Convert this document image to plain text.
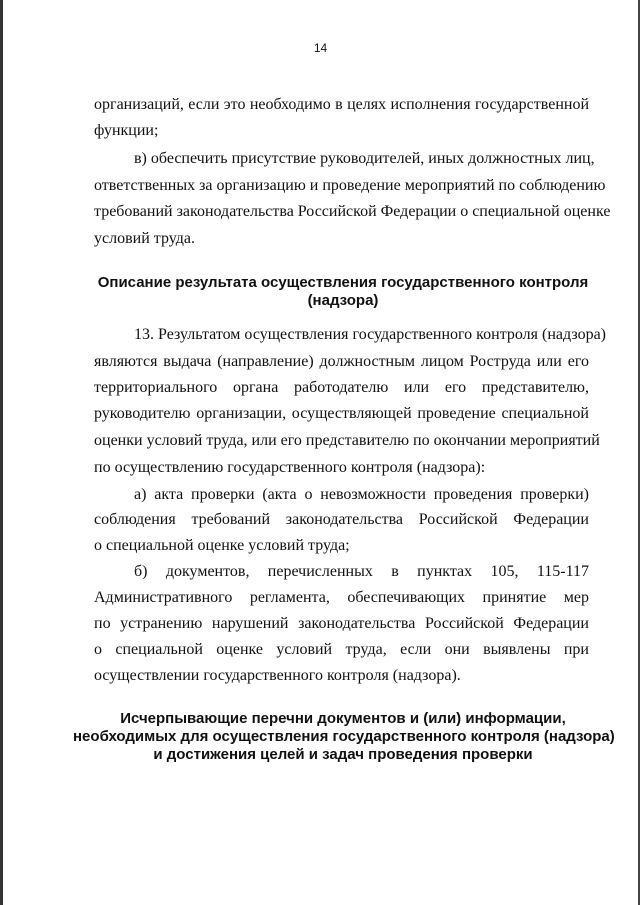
14
организаций, если это необходимо в целях исполнения государственной
функции;
в) обеспечить присутствие руководителей, иных должностных лиц,
ответственных за организацию и проведение мероприятий по соблюдению
требований законодательства Российской Федерации о специальной оценке
условий труда.
Описание результата осуществления государственного контроля
(надзора)
13. Результатом осуществления государственного контроля (надзора)
являются выдача (направление) должностным лицом Роструда или его
территориального органа работодателю или его представителю,
руководителю организации, осуществляющей проведение специальной
оценки условий труда, или его представителю по окончании мероприятий
по осуществлению государственного контроля (надзора):
а) акта проверки (акта о невозможности проведения проверки)
соблюдения требований законодательства Российской Федерации
о специальной оценке условий труда;
б) документов, перечисленных в пунктах 105, 115-117
Административного регламента, обеспечивающих принятие мер
по устранению нарушений законодательства Российской Федерации
о специальной оценке условий труда, если они выявлены при
осуществлении государственного контроля (надзора).
Исчерпывающие перечни документов и (или) информации,
необходимых для осуществления государственного контроля (надзора)
и достижения целей и задач проведения проверки
